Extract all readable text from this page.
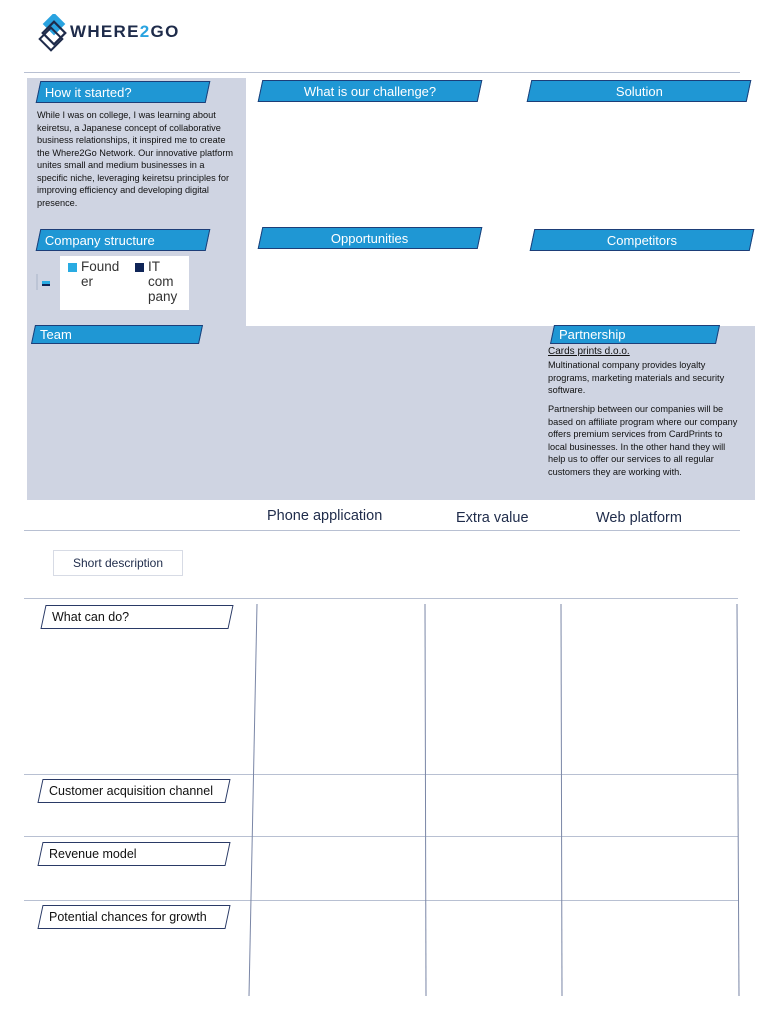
WHERE2GO
How it started?
While I was on college, I was learning about keiretsu, a Japanese concept of collaborative business relationships, it inspired me to create the Where2Go Network. Our innovative platform unites small and medium businesses in a specific niche, leveraging keiretsu principles for improving efficiency and developing digital presence.
What is our challenge?	Solution
Company structure
Found
er
IT
com
pany
Opportunities	Competitors
Team	Partnership
Cards prints d.o.o.
Multinational company provides loyalty programs, marketing materials and security software.
Partnership between our companies will be based on affiliate program where our company offers premium services from CardPrints to local businesses. In the other hand they will help us to offer our services to all regular customers they are working with.
Phone application	Extra value	Web platform
Short description
What can do?
Customer acquisition channel
Revenue model
Potential chances for growth
